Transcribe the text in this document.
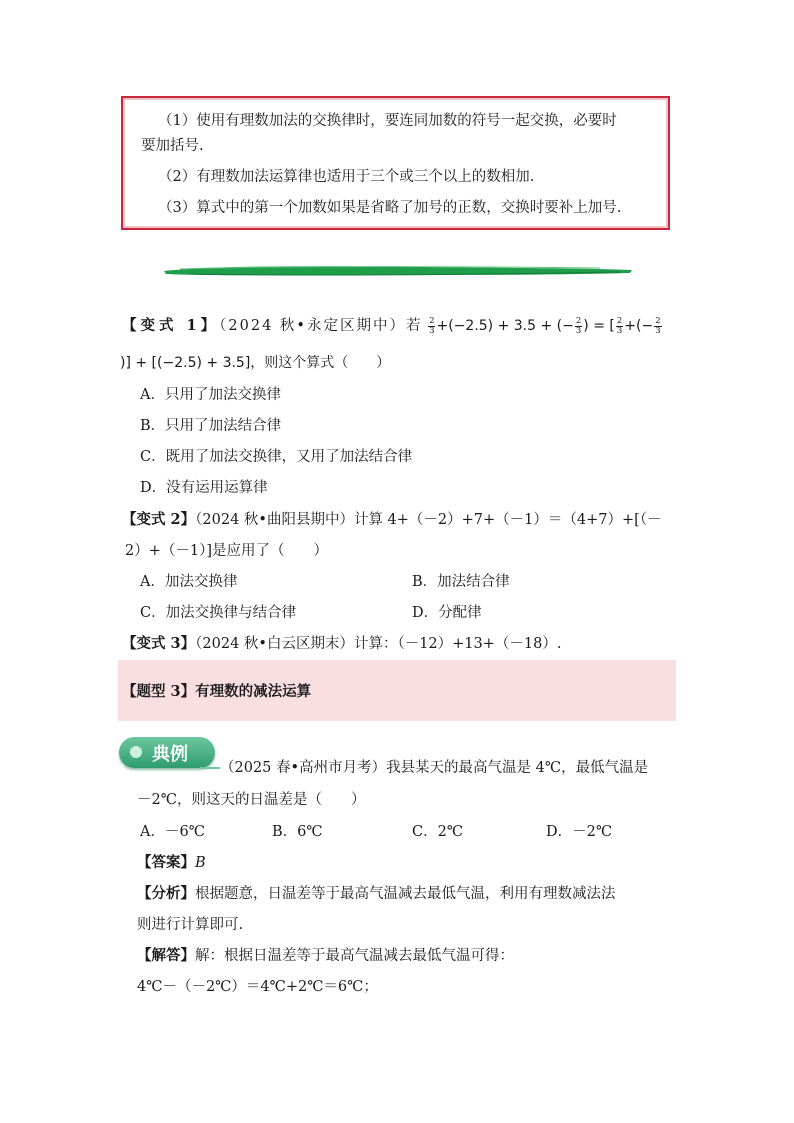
（1）使用有理数加法的交换律时，要连同加数的符号一起交换，必要时

要加括号.

（2）有理数加法运算律也适用于三个或三个以上的数相加.

（3）算式中的第一个加数如果是省略了加号的正数，交换时要补上加号.

【变式 1】（2024 秋•永定区期中）若 $\frac{2}{3} +(-2.5) + 3.5$ + (− $\frac{2}{3}$ ) = [ $\frac{2}{3}$ +(− $\frac{2}{3}$
)] + [(−2.5) + 3.5]，则这个算式（　　）
A．只用了加法交换律
B．只用了加法结合律
C．既用了加法交换律，又用了加法结合律
D．没有运用运算律
【变式 2】（2024 秋•曲阳县期中）计算 4+（－2）+7+（－1）＝（4+7）+[（－
2）+（－1）]是应用了（　　）
A．加法交换律	B．加法结合律
C．加法交换律与结合律	D．分配律
【变式 3】（2024 秋•白云区期末）计算：（－12）+13+（－18）.
【题型 3】有理数的减法运算
典例
（2025 春•高州市月考）我县某天的最高气温是 4℃，最低气温是
－2℃，则这天的日温差是（　　）
A．－6℃	B．6℃	C．2℃	D．－2℃
【答案】B
【分析】根据题意，日温差等于最高气温减去最低气温，利用有理数减法法
则进行计算即可.
【解答】解：根据日温差等于最高气温减去最低气温可得：
4℃－（－2℃）＝4℃+2℃＝6℃；
